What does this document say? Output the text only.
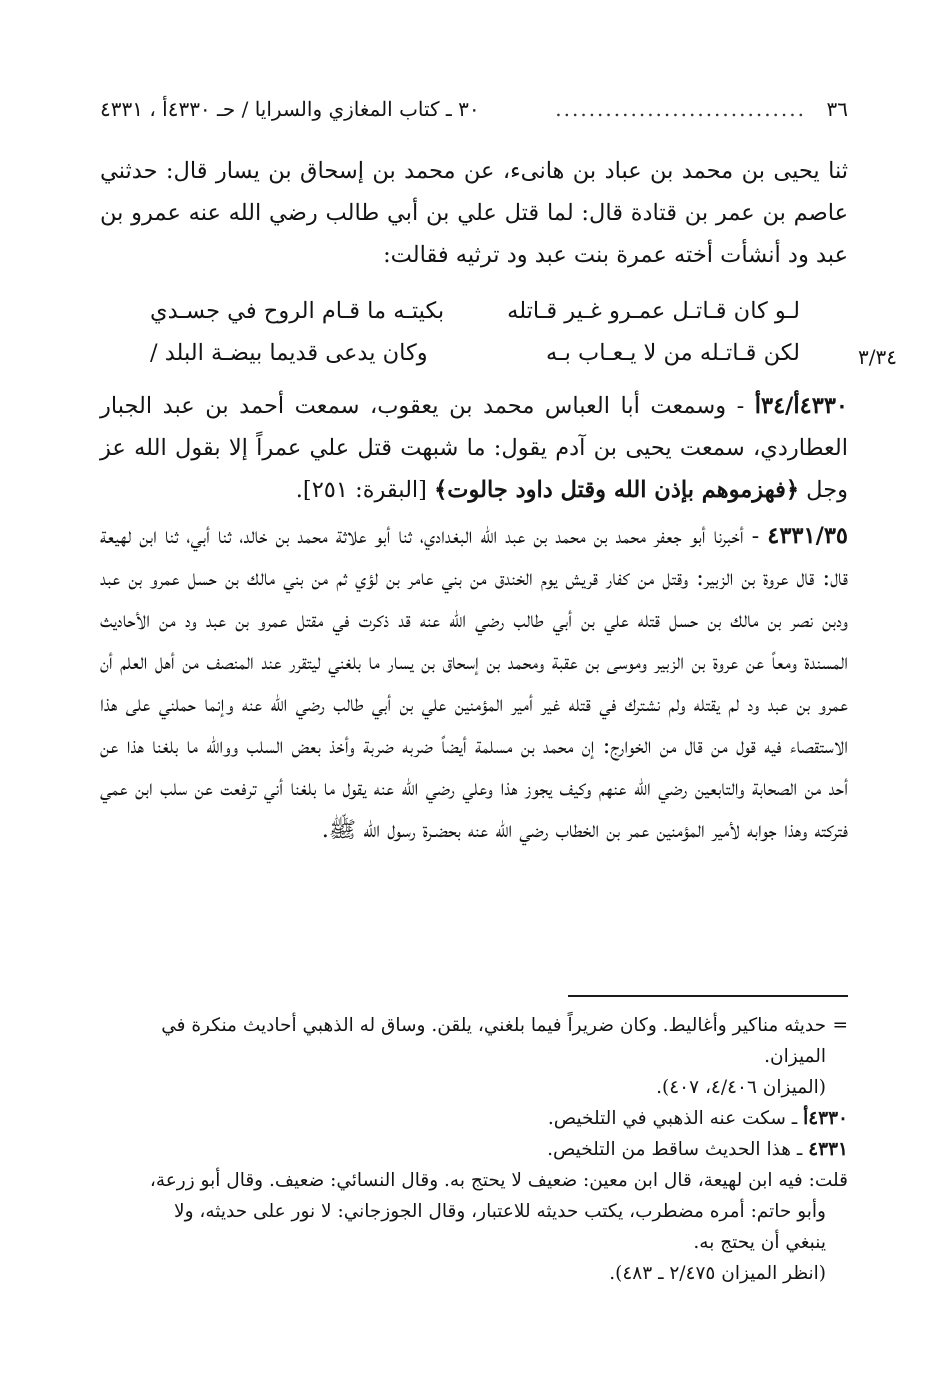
٣٦
..............................
٣٠ ـ كتاب المغازي والسرايا / حـ ٤٣٣٠أ ، ٤٣٣١

ثنا يحيى بن محمد بن عباد بن هانىء، عن محمد بن إسحاق بن يسار قال: حدثني عاصم بن عمر بن قتادة قال: لما قتل علي بن أبي طالب رضي الله عنه عمرو بن عبد ود أنشأت أخته عمرة بنت عبد ود ترثيه فقالت:

لـو كان قـاتـل عمـرو غـير قـاتله
بكيتـه ما قـام الروح في جسـدي
لكن قـاتـله من لا يـعـاب بـه
وكان يدعى قديما بيضـة البلد /	٣/٣٤
٤٣٣٠أ/٣٤أ - وسمعت أبا العباس محمد بن يعقوب، سمعت أحمد بن عبد الجبار العطاردي، سمعت يحيى بن آدم يقول: ما شبهت قتل علي عمراً إلا بقول الله عز وجل ﴿فهزموهم بإذن الله وقتل داود جالوت﴾ [البقرة: ٢٥١].
٤٣٣١/٣٥ - أخبرنا أبو جعفر محمد بن محمد بن عبد الله البغدادي، ثنا أبو علاثة محمد بن خالد، ثنا أبي، ثنا ابن لهيعة قال: قال عروة بن الزبير: وقتل من كفار قريش يوم الخندق من بني عامر بن لؤي ثم من بني مالك بن حسل عمرو بن عبد ودبن نصر بن مالك بن حسل قتله علي بن أبي طالب رضي الله عنه قد ذكرت في مقتل عمرو بن عبد ود من الأحاديث المسندة ومعاً عن عروة بن الزبير وموسى بن عقبة ومحمد بن إسحاق بن يسار ما بلغني ليتقرر عند المنصف من أهل العلم أن عمرو بن عبد ود لم يقتله ولم نشترك في قتله غير أمير المؤمنين علي بن أبي طالب رضي الله عنه وإنما حملني على هذا الاستقصاء فيه قول من قال من الخوارج: إن محمد بن مسلمة أيضاً ضربه ضربة وأخذ بعض السلب ووالله ما بلغنا هذا عن أحد من الصحابة والتابعين رضي الله عنهم وكيف يجوز هذا وعلي رضي الله عنه يقول ما بلغنا أني ترفعت عن سلب ابن عمي فتركته وهذا جوابه لأمير المؤمنين عمر بن الخطاب رضي الله عنه بحضـرة رسول الله ﷺ.

=
حديثه مناكير وأغاليط. وكان ضريراً فيما بلغني، يلقن. وساق له الذهبي أحاديث منكرة في

الميزان.

(الميزان ٤/٤٠٦، ٤٠٧).

٤٣٣٠أ ـ سكت عنه الذهبي في التلخيص.

٤٣٣١ ـ هذا الحديث ساقط من التلخيص.

قلت: فيه ابن لهيعة، قال ابن معين: ضعيف لا يحتج به. وقال النسائي: ضعيف. وقال أبو زرعة،

وأبو حاتم: أمره مضطرب، يكتب حديثه للاعتبار، وقال الجوزجاني: لا نور على حديثه، ولا

ينبغي أن يحتج به.

(انظر الميزان ٢/٤٧٥ ـ ٤٨٣).
